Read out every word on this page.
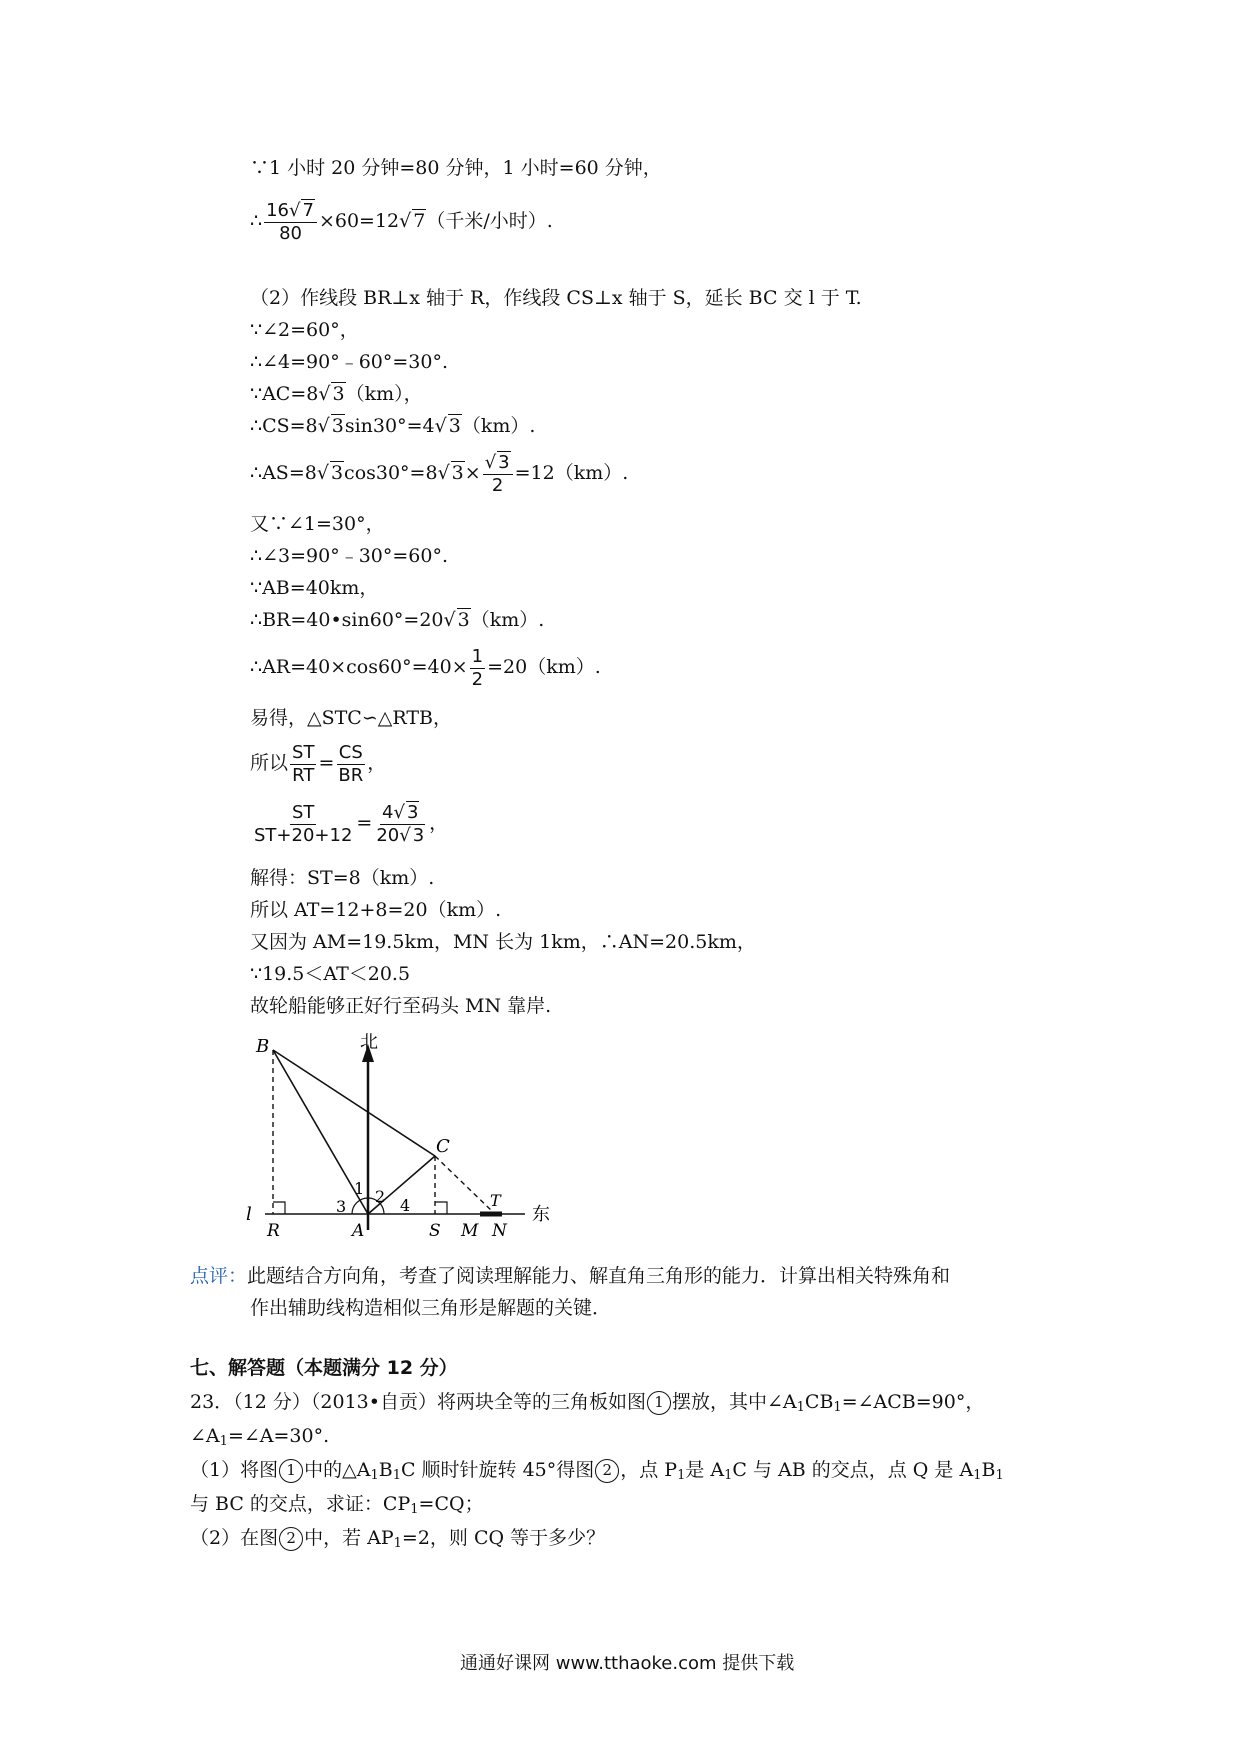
∵1 小时 20 分钟=80 分钟，1 小时=60 分钟，
∴ $\frac{16√ 7}{80} \times 60=12√$ 7（千米/小时）.
（2）作线段 BR⊥x 轴于 R，作线段 CS⊥x 轴于 S，延长 BC 交 l 于 T.
∵∠2=60°，
∴∠4=90°﹣60°=30°.
∵AC=8√ 3（km），
∴CS=8√ 3sin30°=4√ 3（km）.
∴AS=8√ 3cos30°=8√ $3\times \frac{√ 3}{2} =12(km)$.
又∵∠1=30°，
∴∠3=90°﹣30°=60°.
∵AB=40km，
∴BR=40•sin60°=20√ 3（km）.
∴AR=40×cos60°=40× $\frac{1}{2} =20(km)$.
易得，△STC∽△RTB，
所以 $\frac{ST}{RT} = \frac{CS}{BR}$ ，
$\frac{ST}{ST+20+12} = \frac{4√ 3}{20√ 3}$ ，
解得：ST=8（km）.
所以 AT=12+8=20（km）.
又因为 AM=19.5km，MN 长为 1km，∴AN=20.5km，
∵19.5＜AT＜20.5
故轮船能够正好行至码头 MN 靠岸.
北
东
B
C
T
l
R	A	S M N
1 2
3	4
点评：此题结合方向角，考查了阅读理解能力、解直角三角形的能力．计算出相关特殊角和
作出辅助线构造相似三角形是解题的关键．
七、解答题（本题满分 12 分）
23．（12 分）（2013•自贡）将两块全等的三角板如图 1 摆放，其中$\angle A_1CB_1=\angle ACB=90^\circ$，
$\angle A_1=\angle A=30^\circ$.
（1）将图 1 中的$\triangle A_1B_1C$ 顺时针旋转 45°得图 2 ，点 $P_1$是 $A_1C$ 与 AB 的交点，点 Q 是 $A_1B_1$
与 BC 的交点，求证：$CP_1=CQ$；
（2）在图 2 中，若 $AP_1=2$，则 CQ 等于多少？
通通好课网 www.tthaoke.com 提供下载
